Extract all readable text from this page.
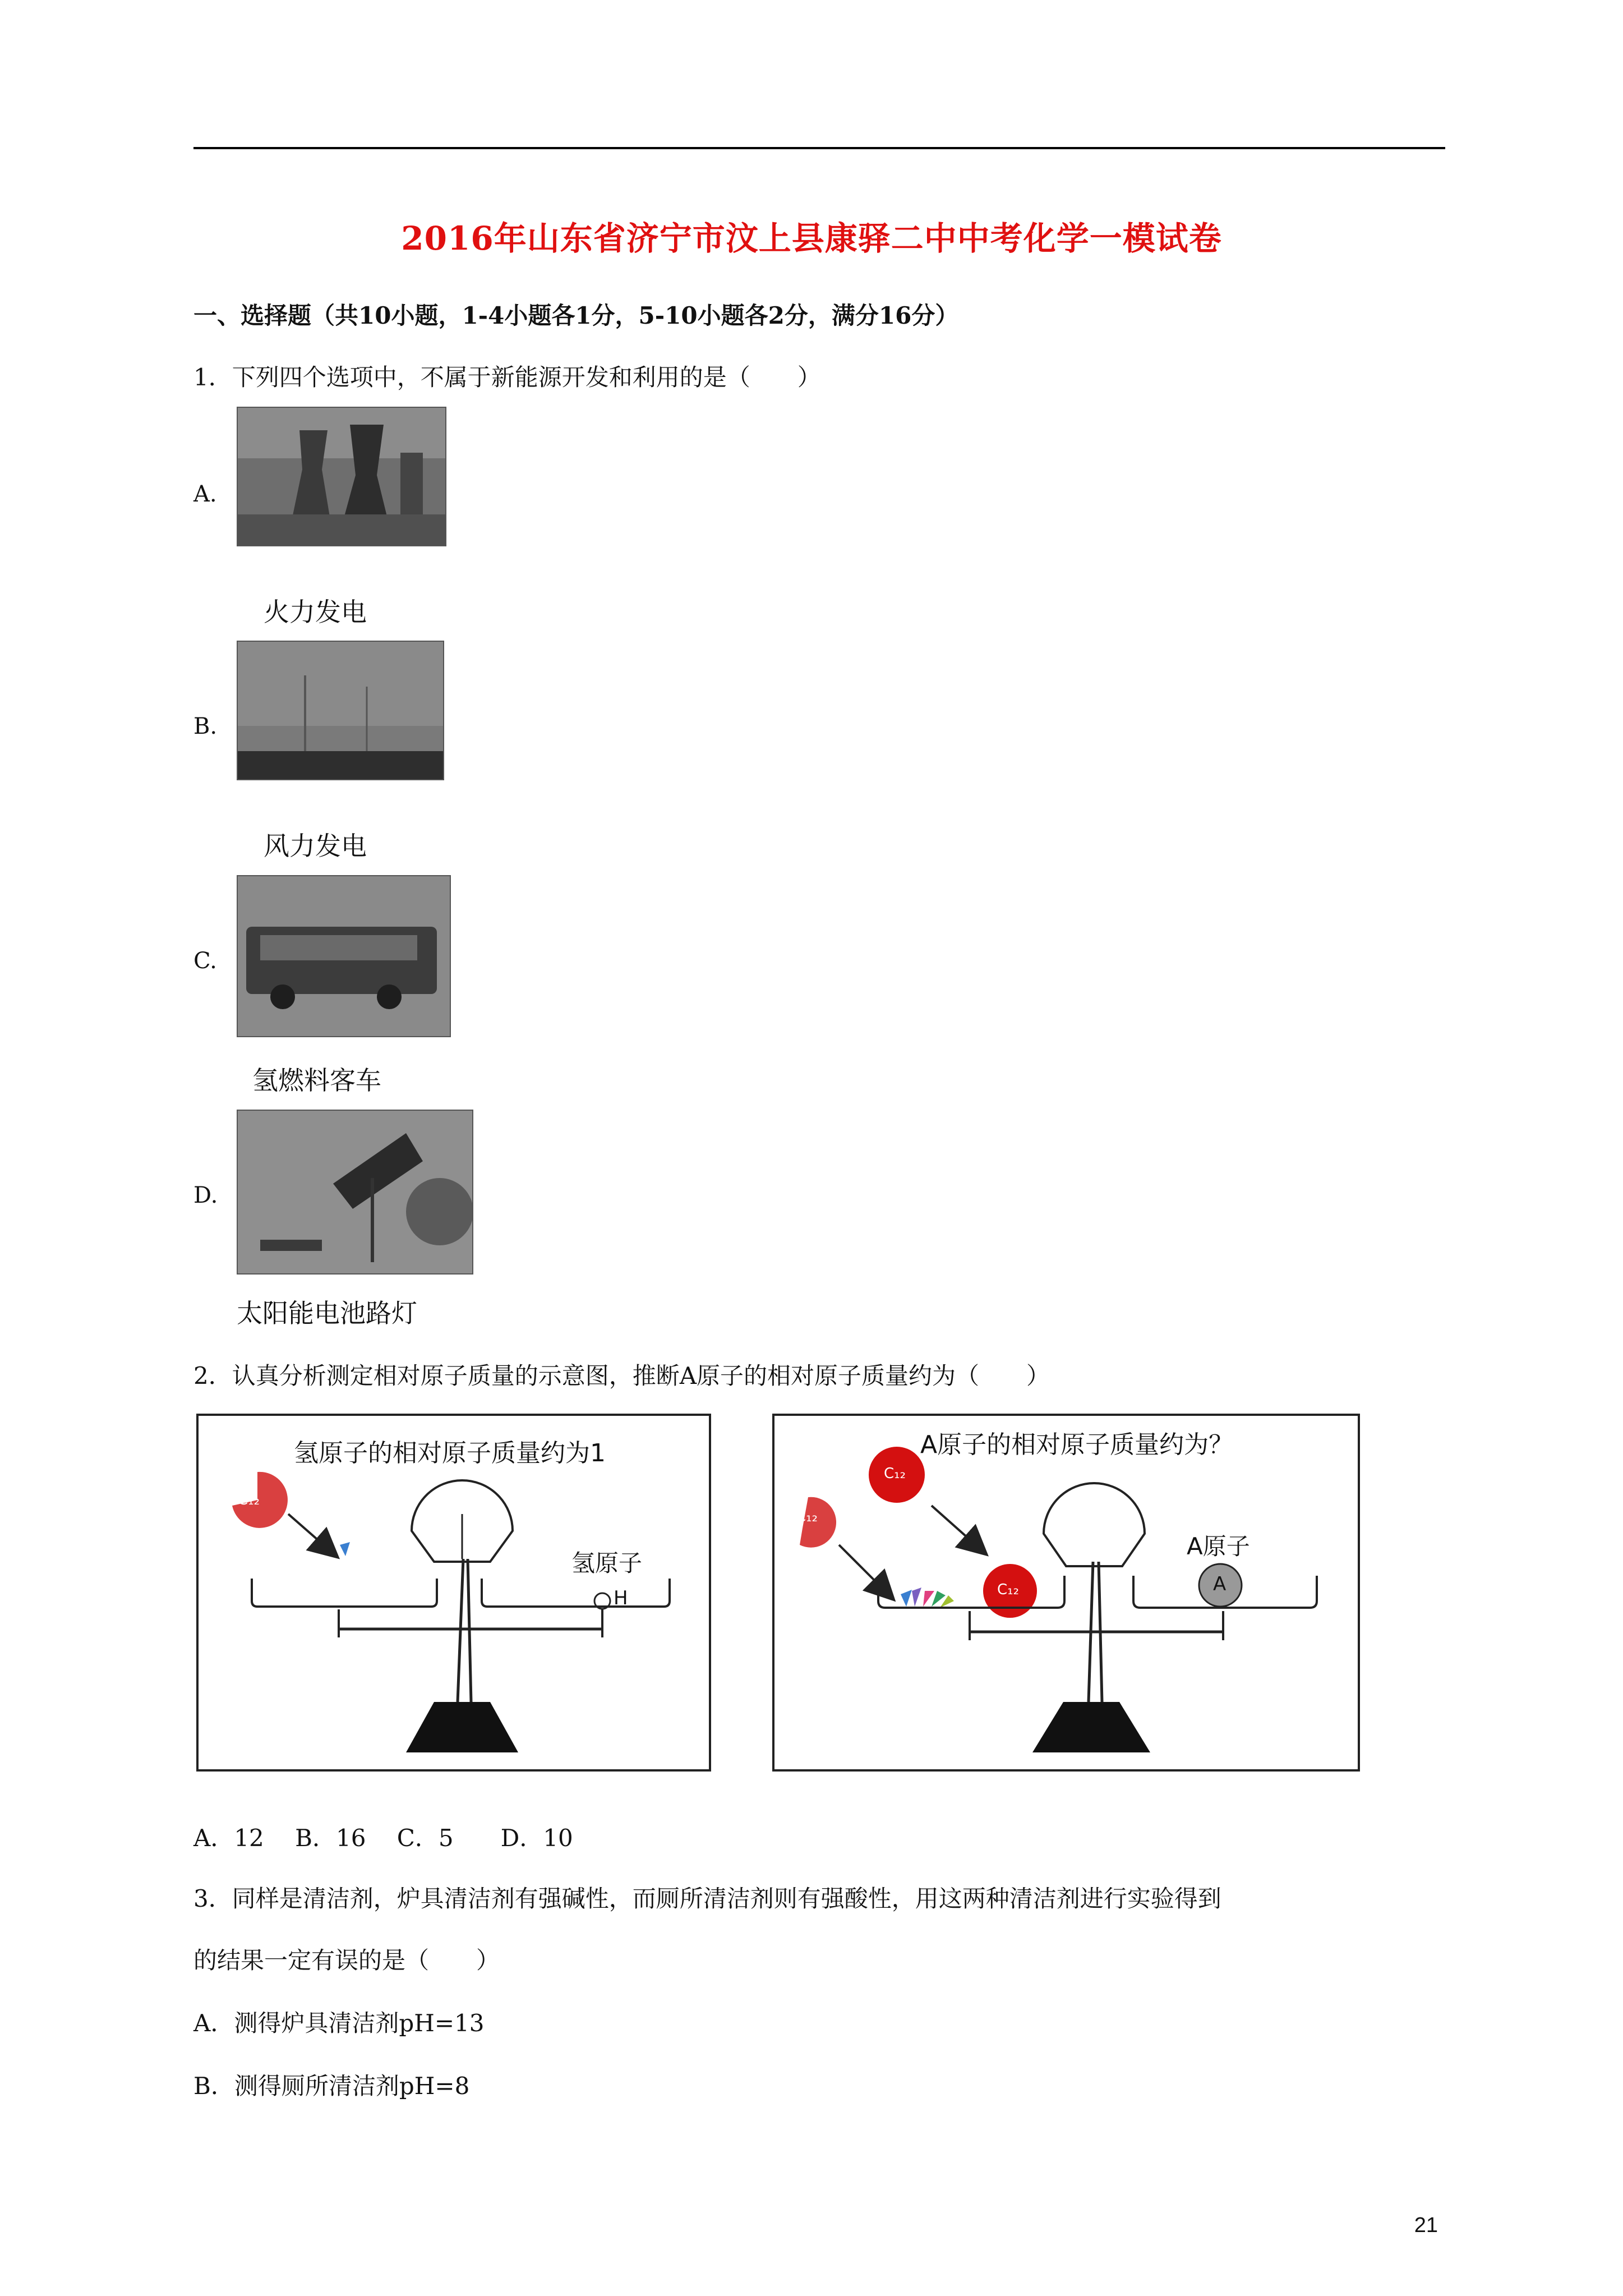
2016年山东省济宁市汶上县康驿二中中考化学一模试卷
一、选择题（共10小题，1-4小题各1分，5-10小题各2分，满分16分）
1．下列四个选项中，不属于新能源开发和利用的是（　　）
A.
火力发电
B.
风力发电
C.
氢燃料客车
D.
太阳能电池路灯
2．认真分析测定相对原子质量的示意图，推断A原子的相对原子质量约为（　　）
氢原子的相对原子质量约为1
C₁₂
氢原子
H
A原子的相对原子质量约为？
C₁₂
C₁₂
C₁₂
A原子
A
A．12　 B．16　 C．5　　D．10
3．同样是清洁剂，炉具清洁剂有强碱性，而厕所清洁剂则有强酸性，用这两种清洁剂进行实验得到
的结果一定有误的是（　　）
A．测得炉具清洁剂pH=13
B．测得厕所清洁剂pH=8
21
